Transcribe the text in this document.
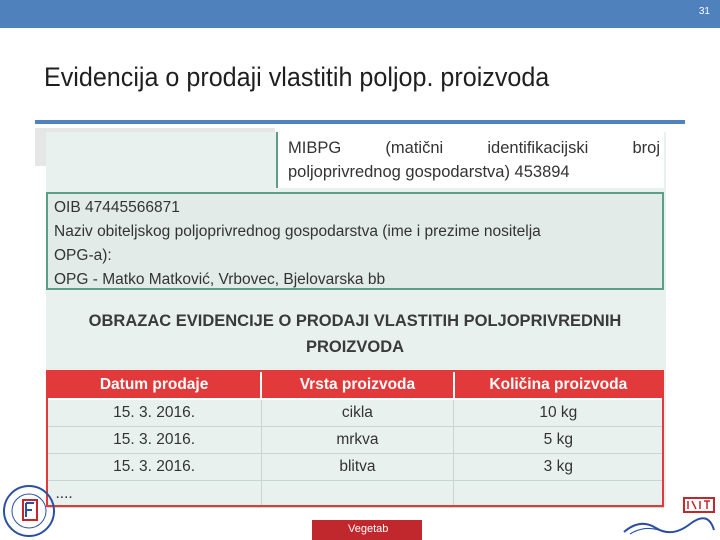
31
Evidencija o prodaji vlastitih poljop. proizvoda
MIBPG	(matični	identifikacijski	broj
poljoprivrednog gospodarstva) 453894
OIB 47445566871
Naziv obiteljskog poljoprivrednog gospodarstva (ime i prezime nositelja
OPG-a):
OPG - Matko Matković, Vrbovec, Bjelovarska bb
OBRAZAC EVIDENCIJE O PRODAJI VLASTITIH POLJOPRIVREDNIH
PROIZVODA
Datum prodaje	Vrsta proizvoda	Količina proizvoda
15. 3. 2016.	cikla	10 kg
15. 3. 2016.	mrkva	5 kg
15. 3. 2016.	blitva	3 kg
....		
Vegetab
